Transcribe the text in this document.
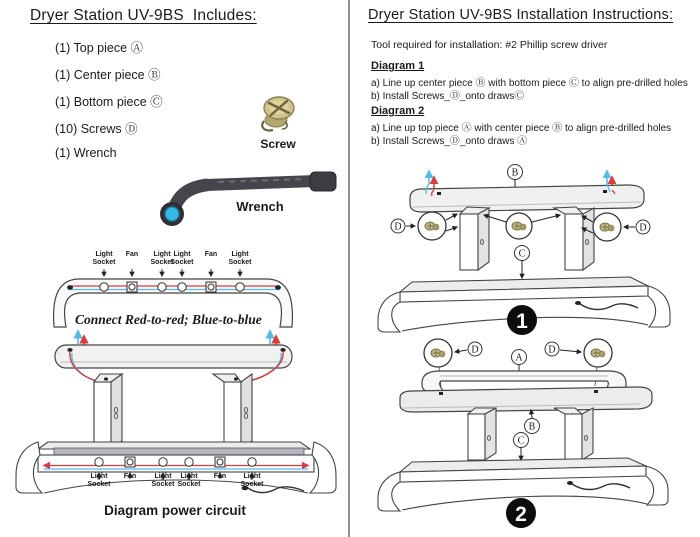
Dryer Station UV-9BS  Includes:
(1) Top piece Ⓐ
(1) Center piece Ⓑ
(1) Bottom piece Ⓒ
(10) Screws Ⓓ
(1) Wrench
Screw
Wrench
Connect Red-to-red; Blue-to-blue
Light Socket
Fan	Light Socket
Light Socket
Fan	Light Socket
Light Socket
Fan	Light Socket
Light Socket
Fan	Light Socket
Diagram power circuit
Dryer Station UV-9BS Installation Instructions:
Tool required for installation: #2 Phillip screw driver
Diagram 1
a) Line up center piece Ⓑ with bottom piece Ⓒ to align pre-drilled holes
b) Install Screws_Ⓓ_onto drawsⒸ
Diagram 2
a) Line up top piece Ⓐ with center piece Ⓑ to align pre-drilled holes
b) Install Screws_Ⓓ_onto draws Ⓐ
B
D	D
C
1
D	D
A
B
C
2
